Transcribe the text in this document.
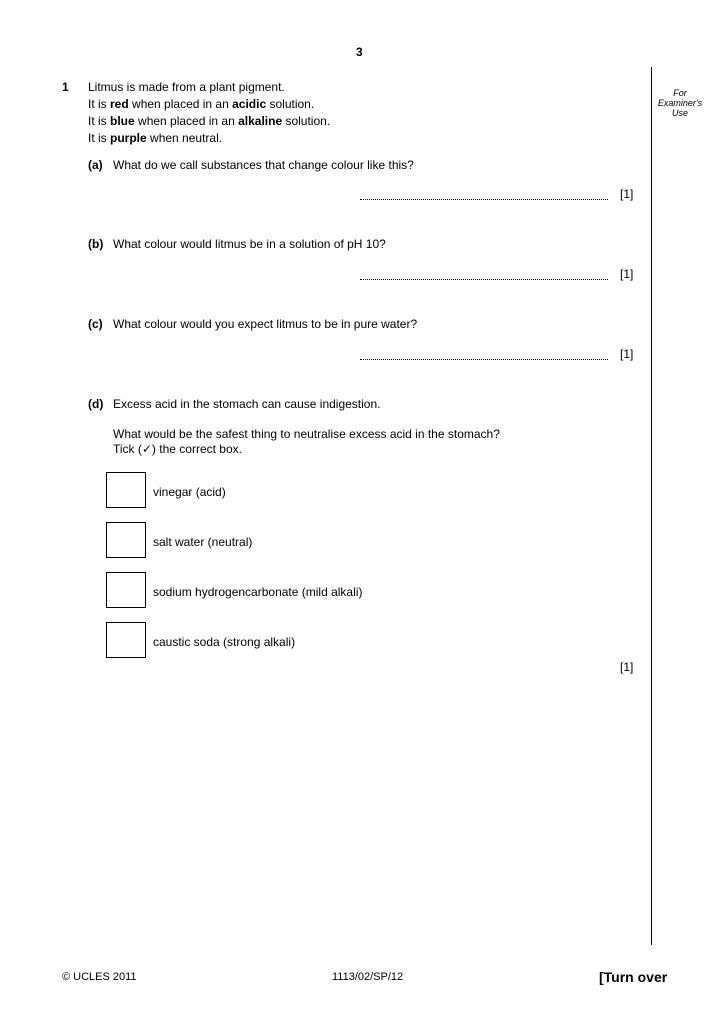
3
For
Examiner's
Use
1 Litmus is made from a plant pigment.
It is red when placed in an acidic solution.
It is blue when placed in an alkaline solution.
It is purple when neutral.
(a) What do we call substances that change colour like this?
[1]
(b) What colour would litmus be in a solution of pH 10?
[1]
(c) What colour would you expect litmus to be in pure water?
[1]
(d) Excess acid in the stomach can cause indigestion.
What would be the safest thing to neutralise excess acid in the stomach?
Tick (✓) the correct box.
vinegar (acid)
salt water (neutral)
sodium hydrogencarbonate (mild alkali)
caustic soda (strong alkali)
[1]
© UCLES 2011	1113/02/SP/12	[Turn over
